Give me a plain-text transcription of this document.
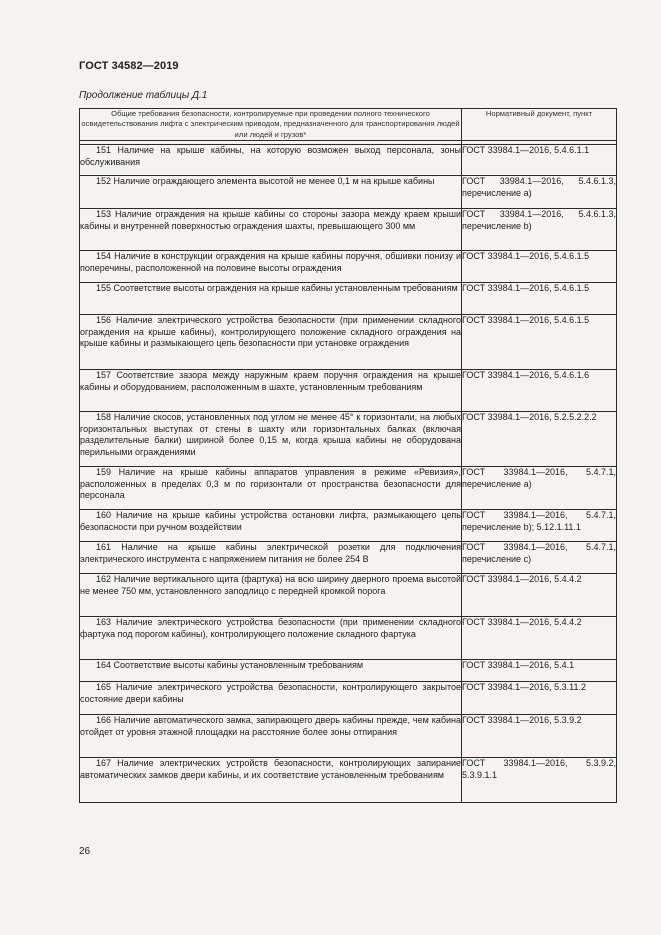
ГОСТ 34582—2019
Продолжение таблицы Д.1
Общие требования безопасности, контролируемые при проведении полного технического освидетельствования лифта с электрическим приводом, предназначенного для транспортирования людей или людей и грузов*	Нормативный документ, пункт

151 Наличие на крыше кабины, на которую возможен выход персонала, зоны обслуживания	ГОСТ 33984.1—2016, 5.4.6.1.1

152 Наличие ограждающего элемента высотой не менее 0,1 м на крыше кабины	ГОСТ 33984.1—2016, 5.4.6.1.3, перечисление а)

153 Наличие ограждения на крыше кабины со стороны зазора между краем крыши кабины и внутренней поверхностью ограждения шахты, превышающего 300 мм	ГОСТ 33984.1—2016, 5.4.6.1.3, перечисление b)

154 Наличие в конструкции ограждения на крыше кабины поручня, обшивки понизу и поперечины, расположенной на половине высоты ограждения	ГОСТ 33984.1—2016, 5.4.6.1.5

155 Соответствие высоты ограждения на крыше кабины установленным требованиям	ГОСТ 33984.1—2016, 5.4.6.1.5

156 Наличие электрического устройства безопасности (при применении складного ограждения на крыше кабины), контролирующего положение складного ограждения на крыше кабины и размыкающего цепь безопасности при установке ограждения	ГОСТ 33984.1—2016, 5.4.6.1.5

157 Соответствие зазора между наружным краем поручня ограждения на крыше кабины и оборудованием, расположенным в шахте, установленным требованиям	ГОСТ 33984.1—2016, 5.4.6.1.6

158 Наличие скосов, установленных под углом не менее 45° к горизонтали, на любых горизонтальных выступах от стены в шахту или горизонтальных балках (включая разделительные балки) шириной более 0,15 м, когда крыша кабины не оборудована перильными ограждениями	ГОСТ 33984.1—2016, 5.2.5.2.2.2

159 Наличие на крыше кабины аппаратов управления в режиме «Ревизия», расположенных в пределах 0,3 м по горизонтали от пространства безопасности для персонала	ГОСТ 33984.1—2016, 5.4.7.1, перечисление а)

160 Наличие на крыше кабины устройства остановки лифта, размыкающего цепь безопасности при ручном воздействии	ГОСТ 33984.1—2016, 5.4.7.1, перечисление b); 5.12.1.11.1

161 Наличие на крыше кабины электрической розетки для подключения электрического инструмента с напряжением питания не более 254 В	ГОСТ 33984.1—2016, 5.4.7.1, перечисление с)

162 Наличие вертикального щита (фартука) на всю ширину дверного проема высотой не менее 750 мм, установленного заподлицо с передней кромкой порога	ГОСТ 33984.1—2016, 5.4.4.2

163 Наличие электрического устройства безопасности (при применении складного фартука под порогом кабины), контролирующего положение складного фартука	ГОСТ 33984.1—2016, 5.4.4.2

164 Соответствие высоты кабины установленным требованиям	ГОСТ 33984.1—2016, 5.4.1

165 Наличие электрического устройства безопасности, контролирующего закрытое состояние двери кабины	ГОСТ 33984.1—2016, 5.3.11.2

166 Наличие автоматического замка, запирающего дверь кабины прежде, чем кабина отойдет от уровня этажной площадки на расстояние более зоны отпирания	ГОСТ 33984.1—2016, 5.3.9.2

167 Наличие электрических устройств безопасности, контролирующих запирание автоматических замков двери кабины, и их соответствие установленным требованиям	ГОСТ 33984.1—2016, 5.3.9.2, 5.3.9.1.1
26
